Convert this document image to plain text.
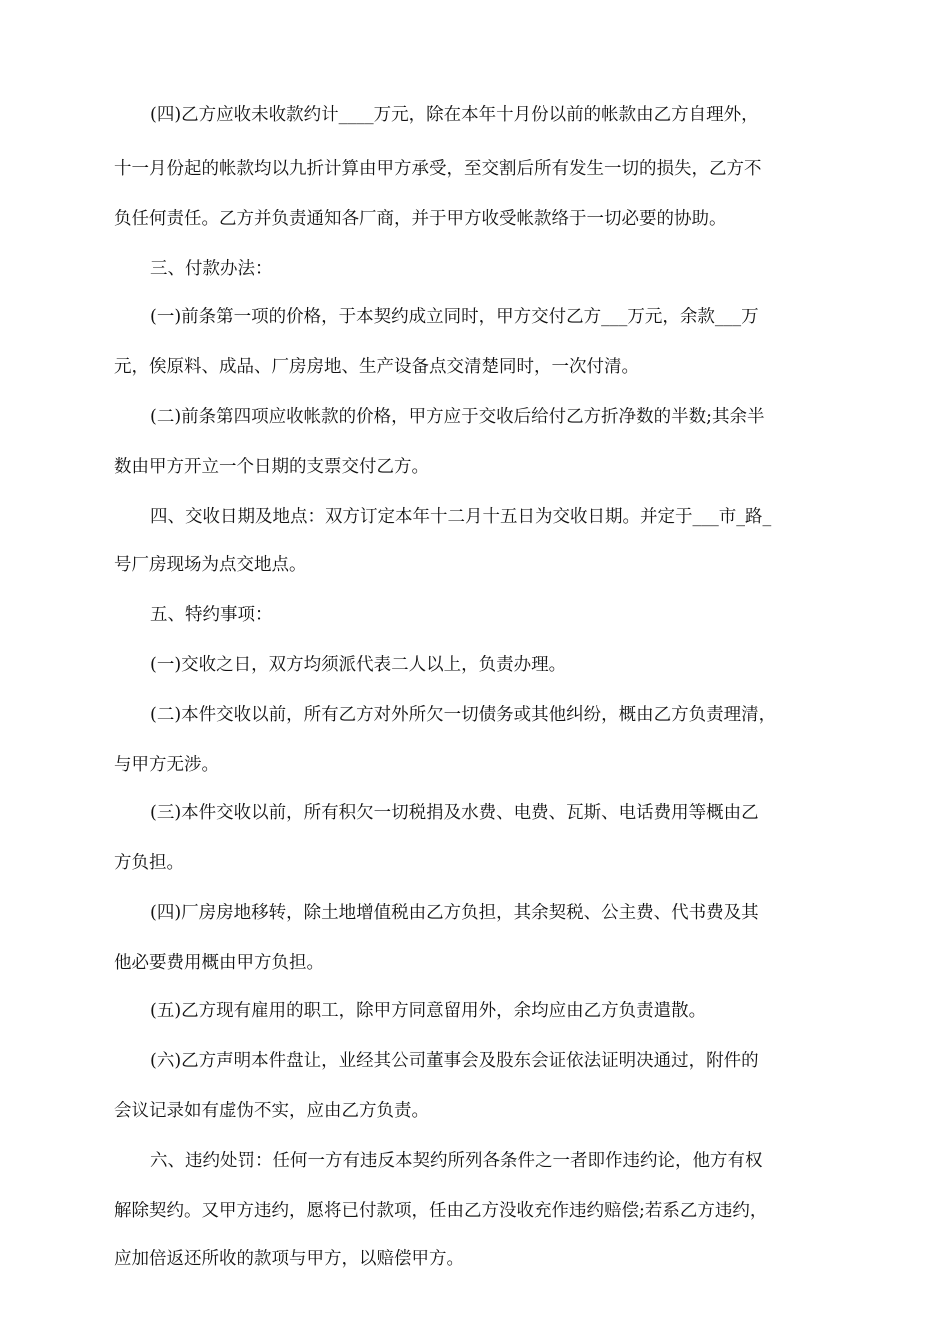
(四)乙方应收未收款约计____万元，除在本年十月份以前的帐款由乙方自理外，

十一月份起的帐款均以九折计算由甲方承受，至交割后所有发生一切的损失，乙方不

负任何责任。乙方并负责通知各厂商，并于甲方收受帐款络于一切必要的协助。

三、付款办法：

(一)前条第一项的价格，于本契约成立同时，甲方交付乙方___万元，余款___万

元，俟原料、成品、厂房房地、生产设备点交清楚同时，一次付清。

(二)前条第四项应收帐款的价格，甲方应于交收后给付乙方折净数的半数;其余半

数由甲方开立一个日期的支票交付乙方。

四、交收日期及地点：双方订定本年十二月十五日为交收日期。并定于___市_路_

号厂房现场为点交地点。

五、特约事项：

(一)交收之日，双方均须派代表二人以上，负责办理。

(二)本件交收以前，所有乙方对外所欠一切债务或其他纠纷，概由乙方负责理清，

与甲方无涉。

(三)本件交收以前，所有积欠一切税捐及水费、电费、瓦斯、电话费用等概由乙

方负担。

(四)厂房房地移转，除土地增值税由乙方负担，其余契税、公主费、代书费及其

他必要费用概由甲方负担。

(五)乙方现有雇用的职工，除甲方同意留用外，余均应由乙方负责遣散。

(六)乙方声明本件盘让，业经其公司董事会及股东会证依法证明决通过，附件的

会议记录如有虚伪不实，应由乙方负责。

六、违约处罚：任何一方有违反本契约所列各条件之一者即作违约论，他方有权

解除契约。又甲方违约，愿将已付款项，任由乙方没收充作违约赔偿;若系乙方违约，

应加倍返还所收的款项与甲方，以赔偿甲方。
